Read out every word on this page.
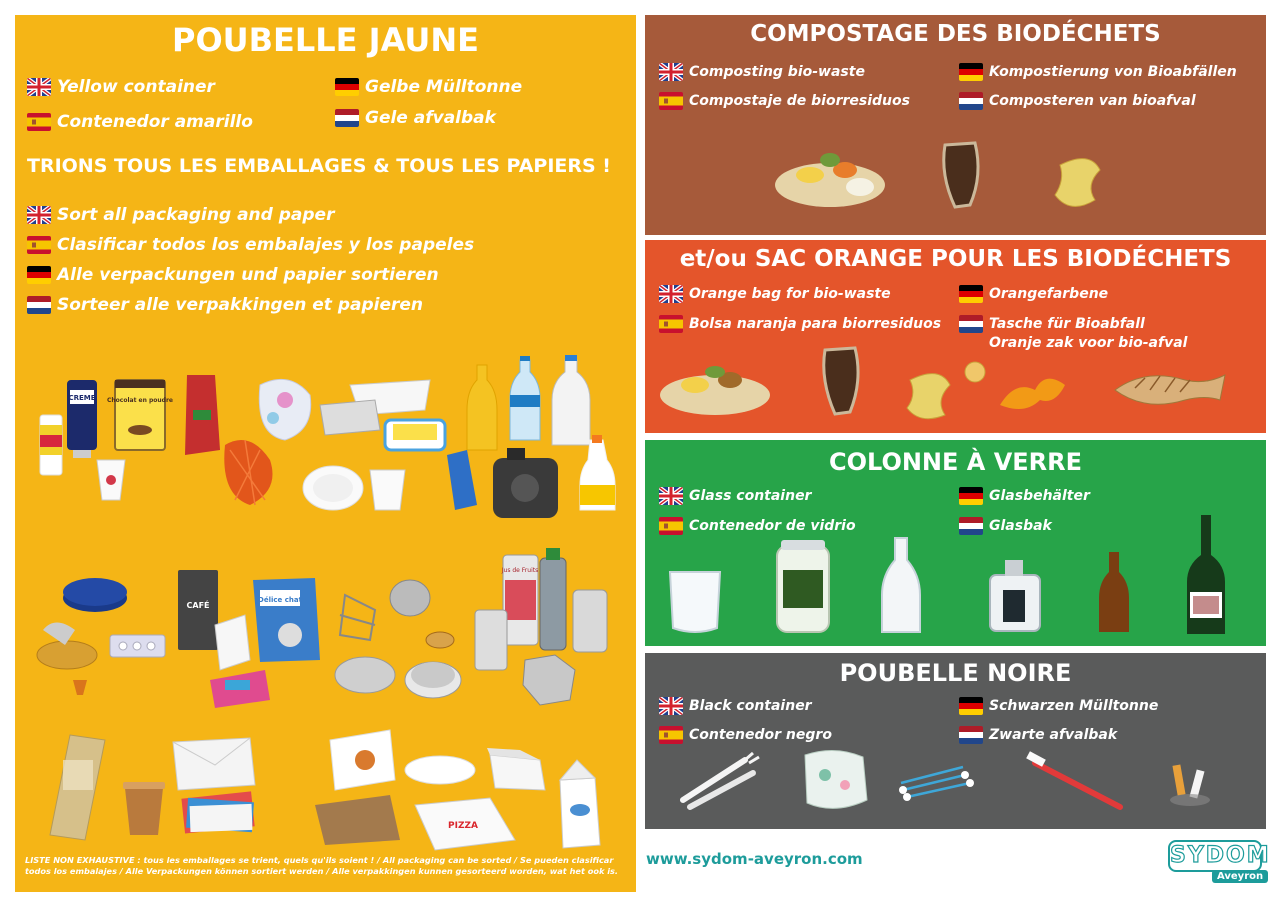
POUBELLE JAUNE
Yellow container
Contenedor amarillo
Gelbe Mülltonne
Gele afvalbak
TRIONS TOUS LES EMBALLAGES & TOUS LES PAPIERS !
Sort all packaging and paper
Clasificar todos los embalajes y los papeles
Alle verpackungen und papier sortieren
Sorteer alle verpakkingen et papieren
CREME Chocolat en poudre
CAFÉ
Délice chat
Jus de Fruits
PIZZA

LISTE NON EXHAUSTIVE : tous les emballages se trient, quels qu'ils soient ! / All packaging can be sorted / Se pueden clasificar todos los embalajes / Alle Verpackungen können sortiert werden / Alle verpakkingen kunnen gesorteerd worden, wat het ook is.

COMPOSTAGE DES BIODÉCHETS
Composting bio-waste
Compostaje de biorresiduos
Kompostierung von Bioabfällen
Composteren van bioafval
et/ou SAC ORANGE POUR LES BIODÉCHETS
Orange bag for bio-waste
Bolsa naranja para biorresiduos
Orangefarbene
Tasche für Bioabfall
Oranje zak voor bio-afval
COLONNE À VERRE
Glass container
Contenedor de vidrio
Glasbehälter
Glasbak
POUBELLE NOIRE
Black container
Contenedor negro
Schwarzen Mülltonne
Zwarte afvalbak
www.sydom-aveyron.com	SYDOM
Aveyron
